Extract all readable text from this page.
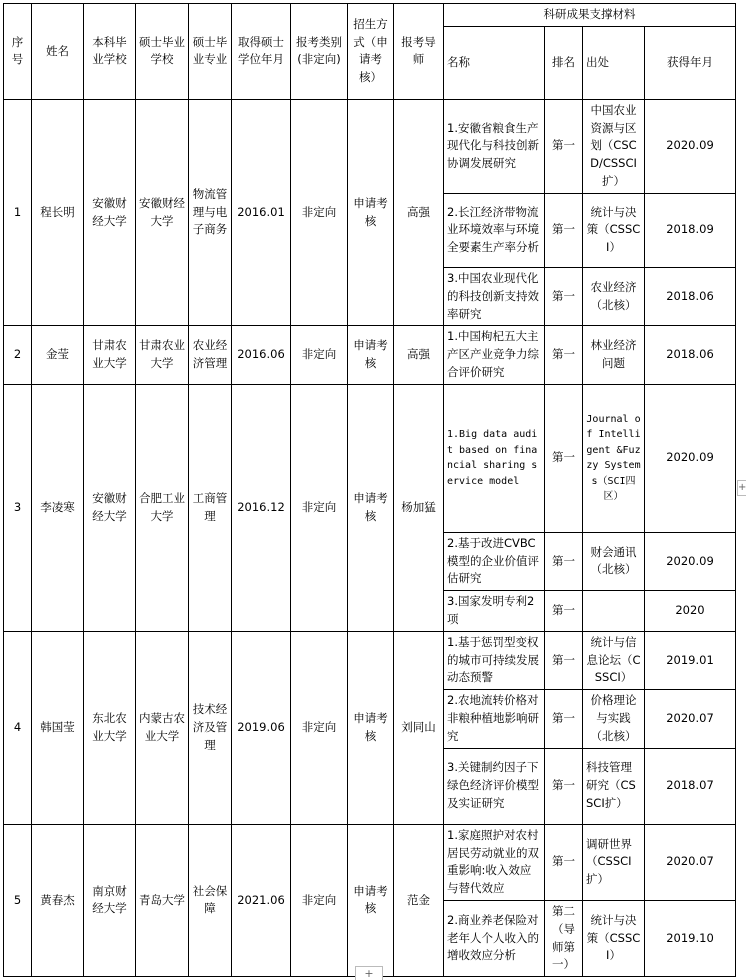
序号	姓名	本科毕业学校	硕士毕业学校	硕士毕业专业	取得硕士学位年月	报考类别(非定向)	招生方式（申请考核）	报考导师	科研成果支撑材料			
									名称	排名	出处	获得年月
1	程长明	安徽财经大学	安徽财经大学	物流管理与电子商务	2016.01	非定向	申请考核	高强	1.安徽省粮食生产现代化与科技创新协调发展研究	第一	中国农业资源与区划（CSCD/CSSCI扩）	2020.09
									2.长江经济带物流业环境效率与环境全要素生产率分析	第一	统计与决策（CSSCI）	2018.09
									3.中国农业现代化的科技创新支持效率研究	第一	农业经济（北核）	2018.06
2	金莹	甘肃农业大学	甘肃农业大学	农业经济管理	2016.06	非定向	申请考核	高强	1.中国枸杞五大主产区产业竞争力综合评价研究	第一	林业经济问题	2018.06
3	李凌寒	安徽财经大学	合肥工业大学	工商管理	2016.12	非定向	申请考核	杨加猛	1.Big data audit based on financial sharing service model	第一	Journal of Intelligent &Fuzzy Systems（SCI四区）	2020.09
									2.基于改进CVBC模型的企业价值评估研究	第一	财会通讯（北核）	2020.09
									3.国家发明专利2项	第一		2020
4	韩国莹	东北农业大学	内蒙古农业大学	技术经济及管理	2019.06	非定向	申请考核	刘同山	1.基于惩罚型变权的城市可持续发展动态预警	第一	统计与信息论坛（CSSCI）	2019.01
									2.农地流转价格对非粮种植地影响研究	第一	价格理论与实践（北核）	2020.07
									3.关键制约因子下绿色经济评价模型及实证研究	第一	科技管理研究（CSSCI扩）	2018.07
5	黄春杰	南京财经大学	青岛大学	社会保障	2021.06	非定向	申请考核	范金	1.家庭照护对农村居民劳动就业的双重影响:收入效应与替代效应	第一	调研世界（CSSCI扩）	2020.07
									2.商业养老保险对老年人个人收入的增收效应分析	第二（导师第一）	统计与决策（CSSCI）	2019.10
+
+
